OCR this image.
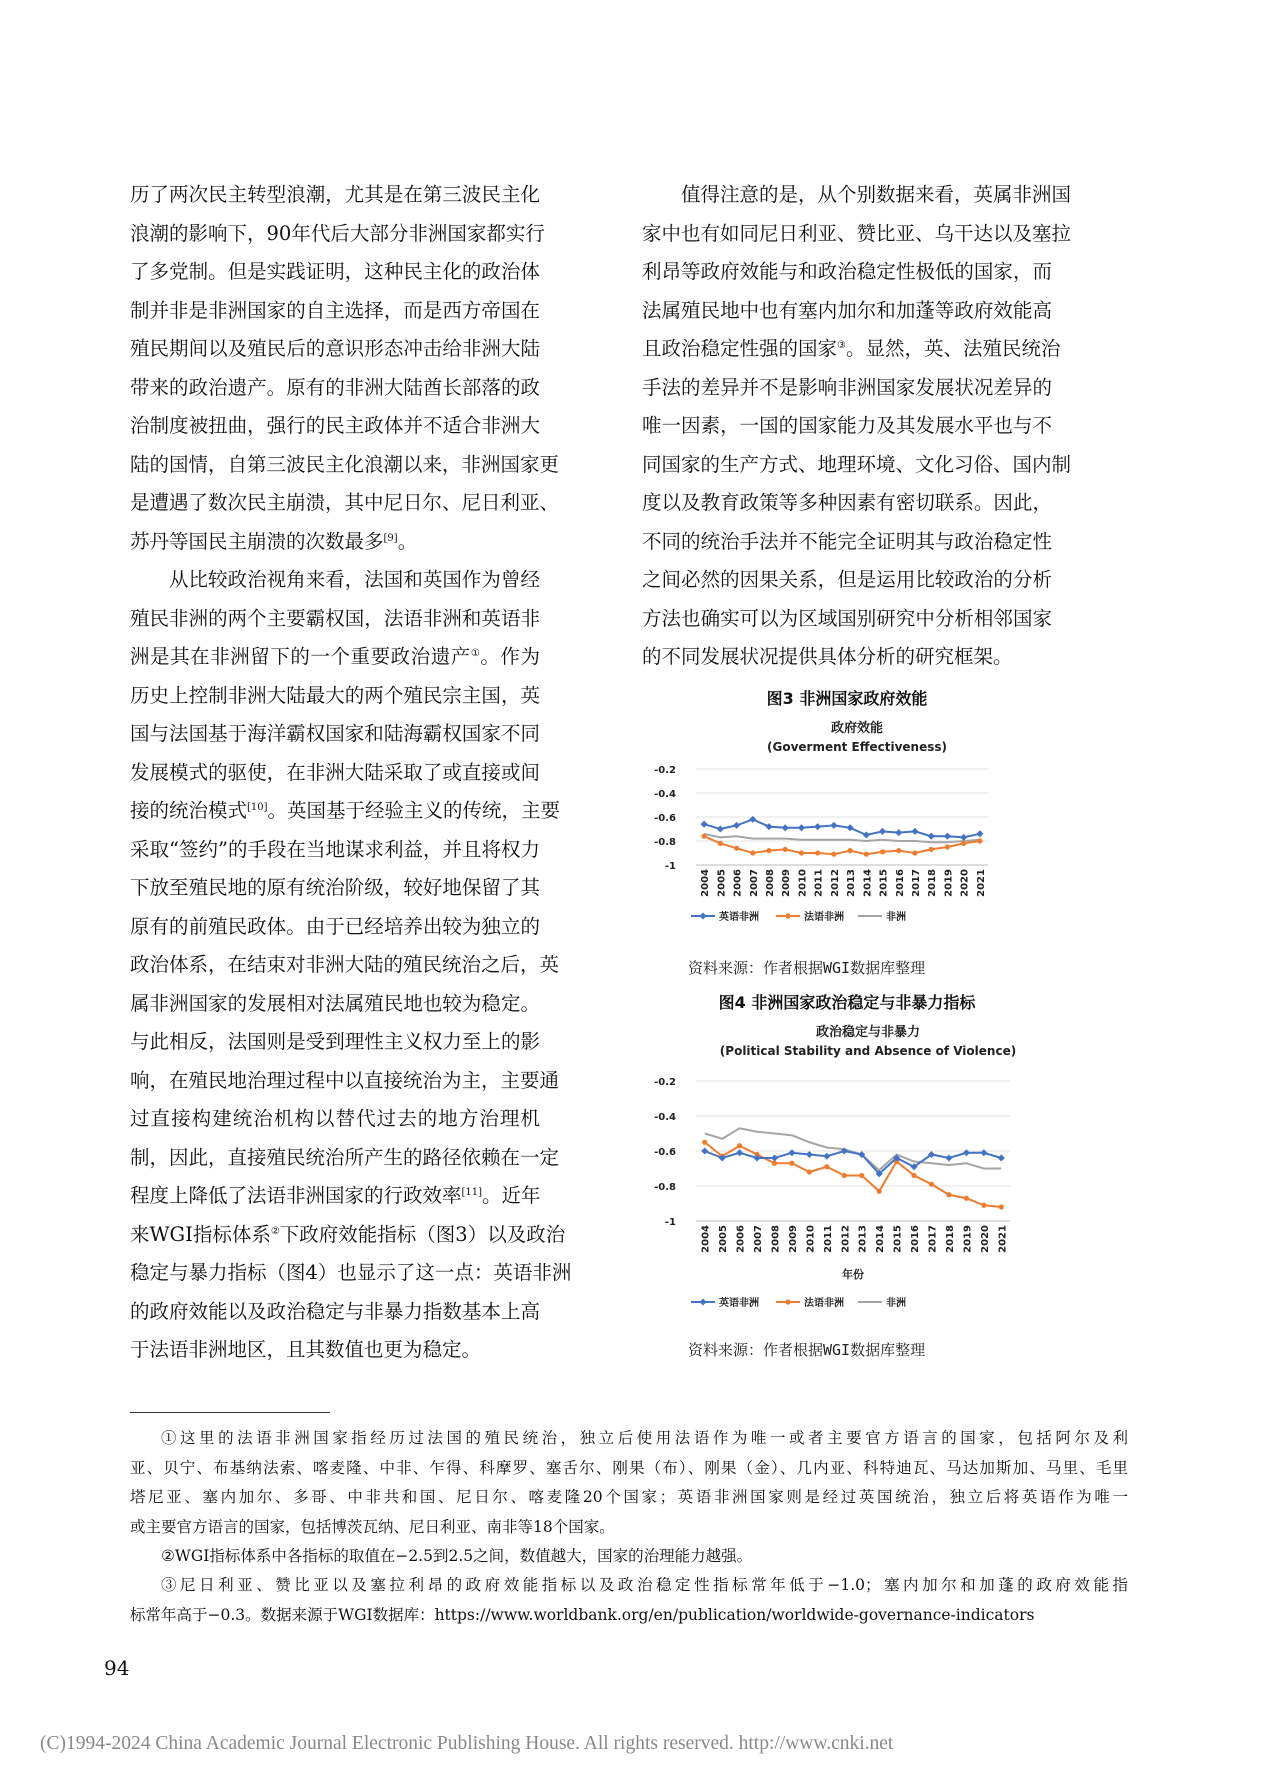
历了两次民主转型浪潮，尤其是在第三波民主化
浪潮的影响下，90年代后大部分非洲国家都实行
了多党制。但是实践证明，这种民主化的政治体
制并非是非洲国家的自主选择，而是西方帝国在
殖民期间以及殖民后的意识形态冲击给非洲大陆
带来的政治遗产。原有的非洲大陆酋长部落的政
治制度被扭曲，强行的民主政体并不适合非洲大
陆的国情，自第三波民主化浪潮以来，非洲国家更
是遭遇了数次民主崩溃，其中尼日尔、尼日利亚、
苏丹等国民主崩溃的次数最多[9]。
从比较政治视角来看，法国和英国作为曾经
殖民非洲的两个主要霸权国，法语非洲和英语非
洲是其在非洲留下的一个重要政治遗产①。作为
历史上控制非洲大陆最大的两个殖民宗主国，英
国与法国基于海洋霸权国家和陆海霸权国家不同
发展模式的驱使，在非洲大陆采取了或直接或间
接的统治模式[10]。英国基于经验主义的传统，主要
采取“签约”的手段在当地谋求利益，并且将权力
下放至殖民地的原有统治阶级，较好地保留了其
原有的前殖民政体。由于已经培养出较为独立的
政治体系，在结束对非洲大陆的殖民统治之后，英
属非洲国家的发展相对法属殖民地也较为稳定。
与此相反，法国则是受到理性主义权力至上的影
响，在殖民地治理过程中以直接统治为主，主要通
过直接构建统治机构以替代过去的地方治理机
制，因此，直接殖民统治所产生的路径依赖在一定
程度上降低了法语非洲国家的行政效率[11]。近年
来WGI指标体系②下政府效能指标（图3）以及政治
稳定与暴力指标（图4）也显示了这一点：英语非洲
的政府效能以及政治稳定与非暴力指数基本上高
于法语非洲地区，且其数值也更为稳定。
值得注意的是，从个别数据来看，英属非洲国
家中也有如同尼日利亚、赞比亚、乌干达以及塞拉
利昂等政府效能与和政治稳定性极低的国家，而
法属殖民地中也有塞内加尔和加蓬等政府效能高
且政治稳定性强的国家③。显然，英、法殖民统治
手法的差异并不是影响非洲国家发展状况差异的
唯一因素，一国的国家能力及其发展水平也与不
同国家的生产方式、地理环境、文化习俗、国内制
度以及教育政策等多种因素有密切联系。因此，
不同的统治手法并不能完全证明其与政治稳定性
之间必然的因果关系，但是运用比较政治的分析
方法也确实可以为区域国别研究中分析相邻国家
的不同发展状况提供具体分析的研究框架。
图3 非洲国家政府效能
政府效能
(Goverment Effectiveness)
-0.2
-0.4
-0.6
-0.8
-1
2004 2005 2006 2007 2008 2009 2010 2011 2012 2013 2014 2015 2016 2017 2018 2019 2020 2021
英语非洲	法语非洲	非洲
资料来源：作者根据WGI数据库整理
图4 非洲国家政治稳定与非暴力指标
政治稳定与非暴力
(Political Stability and Absence of Violence)
-0.2
-0.4
-0.6
-0.8
-1
2004 2005 2006 2007 2008 2009 2010 2011 2012 2013 2014 2015 2016 2017 2018 2019 2020 2021
年份
英语非洲	法语非洲	非洲
资料来源：作者根据WGI数据库整理
①这里的法语非洲国家指经历过法国的殖民统治，独立后使用法语作为唯一或者主要官方语言的国家，包括阿尔及利
亚、贝宁、布基纳法索、喀麦隆、中非、乍得、科摩罗、塞舌尔、刚果（布）、刚果（金）、几内亚、科特迪瓦、马达加斯加、马里、毛里
塔尼亚、塞内加尔、多哥、中非共和国、尼日尔、喀麦隆20个国家；英语非洲国家则是经过英国统治，独立后将英语作为唯一
或主要官方语言的国家，包括博茨瓦纳、尼日利亚、南非等18个国家。
②WGI指标体系中各指标的取值在−2.5到2.5之间，数值越大，国家的治理能力越强。
③尼日利亚、赞比亚以及塞拉利昂的政府效能指标以及政治稳定性指标常年低于−1.0；塞内加尔和加蓬的政府效能指
标常年高于−0.3。数据来源于WGI数据库：https://www.worldbank.org/en/publication/worldwide-governance-indicators
94
(C)1994-2024 China Academic Journal Electronic Publishing House. All rights reserved. http://www.cnki.net
